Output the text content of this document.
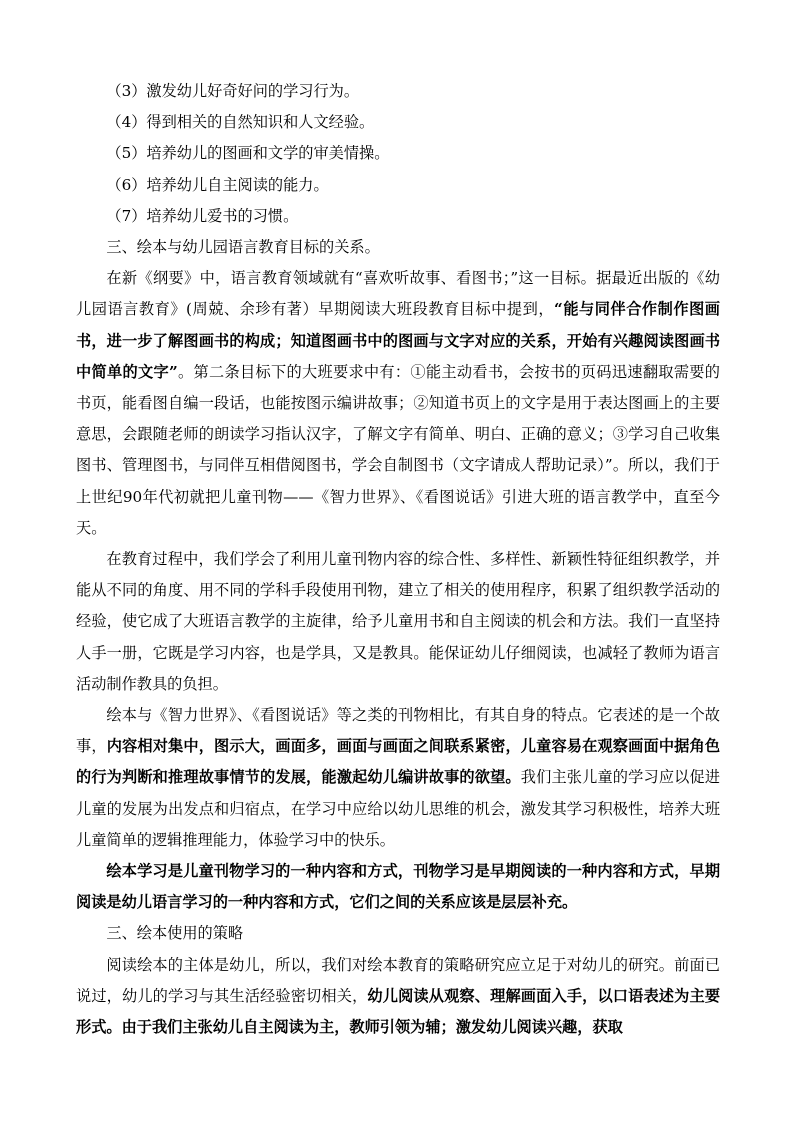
（3）激发幼儿好奇好问的学习行为。

（4）得到相关的自然知识和人文经验。

（5）培养幼儿的图画和文学的审美情操。

（6）培养幼儿自主阅读的能力。

（7）培养幼儿爱书的习惯。

三、绘本与幼儿园语言教育目标的关系。

在新《纲要》中，语言教育领域就有“喜欢听故事、看图书；”这一目标。据最近出版的《幼儿园语言教育》(周兢、余珍有著）早期阅读大班段教育目标中提到，“能与同伴合作制作图画书，进一步了解图画书的构成；知道图画书中的图画与文字对应的关系，开始有兴趣阅读图画书中简单的文字”。第二条目标下的大班要求中有：①能主动看书，会按书的页码迅速翻取需要的书页，能看图自编一段话，也能按图示编讲故事；②知道书页上的文字是用于表达图画上的主要意思，会跟随老师的朗读学习指认汉字，了解文字有简单、明白、正确的意义；③学习自己收集图书、管理图书，与同伴互相借阅图书，学会自制图书（文字请成人帮助记录）”。所以，我们于上世纪90年代初就把儿童刊物——《智力世界》、《看图说话》引进大班的语言教学中，直至今天。

在教育过程中，我们学会了利用儿童刊物内容的综合性、多样性、新颖性特征组织教学，并能从不同的角度、用不同的学科手段使用刊物，建立了相关的使用程序，积累了组织教学活动的经验，使它成了大班语言教学的主旋律，给予儿童用书和自主阅读的机会和方法。我们一直坚持人手一册，它既是学习内容，也是学具，又是教具。能保证幼儿仔细阅读，也减轻了教师为语言活动制作教具的负担。

绘本与《智力世界》、《看图说话》等之类的刊物相比，有其自身的特点。它表述的是一个故事，内容相对集中，图示大，画面多，画面与画面之间联系紧密，儿童容易在观察画面中据角色的行为判断和推理故事情节的发展，能激起幼儿编讲故事的欲望。我们主张儿童的学习应以促进儿童的发展为出发点和归宿点，在学习中应给以幼儿思维的机会，激发其学习积极性，培养大班儿童简单的逻辑推理能力，体验学习中的快乐。

绘本学习是儿童刊物学习的一种内容和方式，刊物学习是早期阅读的一种内容和方式，早期阅读是幼儿语言学习的一种内容和方式，它们之间的关系应该是层层补充。

三、绘本使用的策略

阅读绘本的主体是幼儿，所以，我们对绘本教育的策略研究应立足于对幼儿的研究。前面已说过，幼儿的学习与其生活经验密切相关，幼儿阅读从观察、理解画面入手，以口语表述为主要形式。由于我们主张幼儿自主阅读为主，教师引领为辅；激发幼儿阅读兴趣，获取
